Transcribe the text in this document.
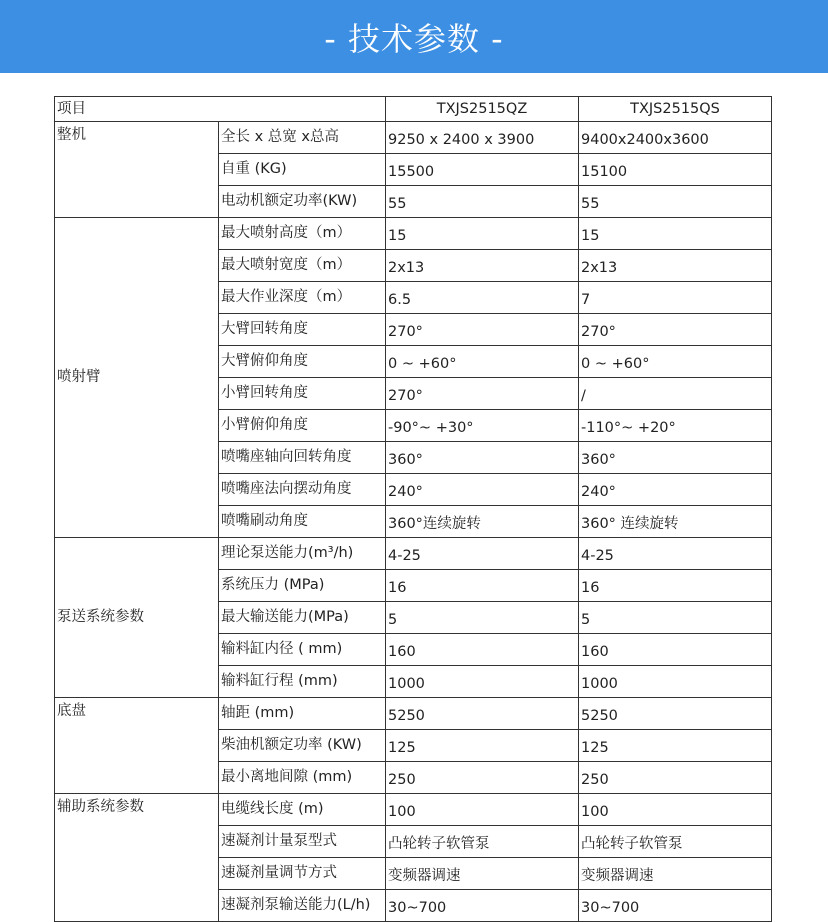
- 技术参数 -
项目		TXJS2515QZ	TXJS2515QS
整机	全长 x 总宽 x总高	9250 x 2400 x 3900	9400x2400x3600
	自重 (KG)	15500	15100
	电动机额定功率(KW)	55	55
喷射臂	最大喷射高度（m）	15	15
	最大喷射宽度（m）	2x13	2x13
	最大作业深度（m）	6.5	7
	大臂回转角度	270°	270°
	大臂俯仰角度	0 ~ +60°	0 ~ +60°
	小臂回转角度	270°	/
	小臂俯仰角度	-90°~ +30°	-110°~ +20°
	喷嘴座轴向回转角度	360°	360°
	喷嘴座法向摆动角度	240°	240°
	喷嘴刷动角度	360°连续旋转	360° 连续旋转
泵送系统参数	理论泵送能力(m³/h)	4-25	4-25
	系统压力 (MPa)	16	16
	最大输送能力(MPa)	5	5
	输料缸内径 ( mm)	160	160
	输料缸行程 (mm)	1000	1000
底盘	轴距 (mm)	5250	5250
	柴油机额定功率 (KW)	125	125
	最小离地间隙 (mm)	250	250
辅助系统参数	电缆线长度 (m)	100	100
	速凝剂计量泵型式	凸轮转子软管泵	凸轮转子软管泵
	速凝剂量调节方式	变频器调速	变频器调速
	速凝剂泵输送能力(L/h)	30~700	30~700
